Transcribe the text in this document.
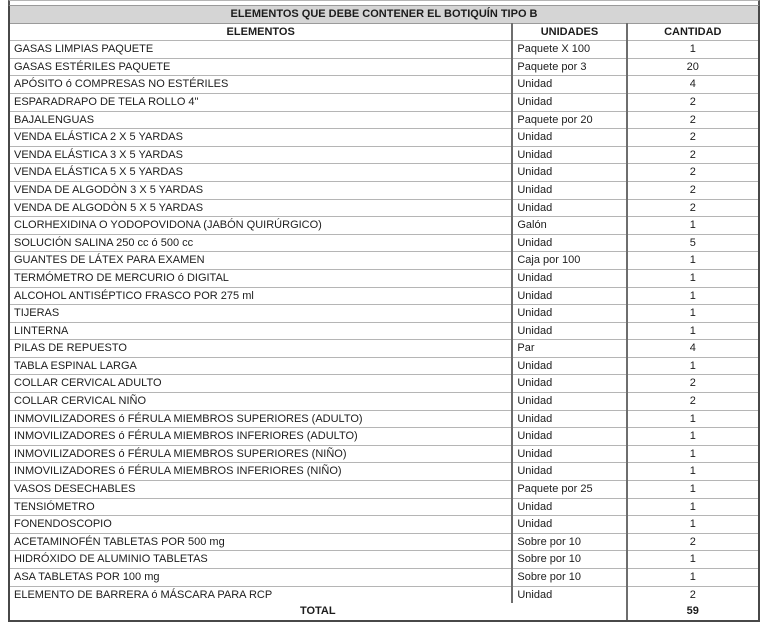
ELEMENTOS QUE DEBE CONTENER EL BOTIQUÍN TIPO B		
ELEMENTOS	UNIDADES	CANTIDAD
GASAS LIMPIAS PAQUETE	Paquete X 100	1
GASAS ESTÉRILES PAQUETE	Paquete por 3	20
APÓSITO ó COMPRESAS NO ESTÉRILES	Unidad	4
ESPARADRAPO DE TELA ROLLO 4"	Unidad	2
BAJALENGUAS	Paquete por 20	2
VENDA ELÁSTICA 2 X 5 YARDAS	Unidad	2
VENDA ELÁSTICA 3 X 5 YARDAS	Unidad	2
VENDA ELÁSTICA 5 X 5 YARDAS	Unidad	2
VENDA DE ALGODÒN 3 X 5 YARDAS	Unidad	2
VENDA DE ALGODÒN 5 X 5 YARDAS	Unidad	2
CLORHEXIDINA O YODOPOVIDONA (JABÓN QUIRÚRGICO)	Galón	1
SOLUCIÓN SALINA 250 cc ó 500 cc	Unidad	5
GUANTES DE LÁTEX PARA EXAMEN	Caja por 100	1
TERMÓMETRO DE MERCURIO ó DIGITAL	Unidad	1
ALCOHOL ANTISÉPTICO FRASCO POR 275 ml	Unidad	1
TIJERAS	Unidad	1
LINTERNA	Unidad	1
PILAS DE REPUESTO	Par	4
TABLA ESPINAL LARGA	Unidad	1
COLLAR CERVICAL ADULTO	Unidad	2
COLLAR CERVICAL NIÑO	Unidad	2
INMOVILIZADORES ó FÉRULA MIEMBROS SUPERIORES (ADULTO)	Unidad	1
INMOVILIZADORES ó FÉRULA MIEMBROS INFERIORES (ADULTO)	Unidad	1
INMOVILIZADORES ó FÉRULA MIEMBROS SUPERIORES (NIÑO)	Unidad	1
INMOVILIZADORES ó FÉRULA MIEMBROS INFERIORES (NIÑO)	Unidad	1
VASOS DESECHABLES	Paquete por 25	1
TENSIÓMETRO	Unidad	1
FONENDOSCOPIO	Unidad	1
ACETAMINOFÉN TABLETAS POR 500 mg	Sobre por 10	2
HIDRÓXIDO DE ALUMINIO TABLETAS	Sobre por 10	1
ASA TABLETAS POR 100 mg	Sobre por 10	1
ELEMENTO DE BARRERA ó MÁSCARA PARA RCP	Unidad	2
TOTAL		59
